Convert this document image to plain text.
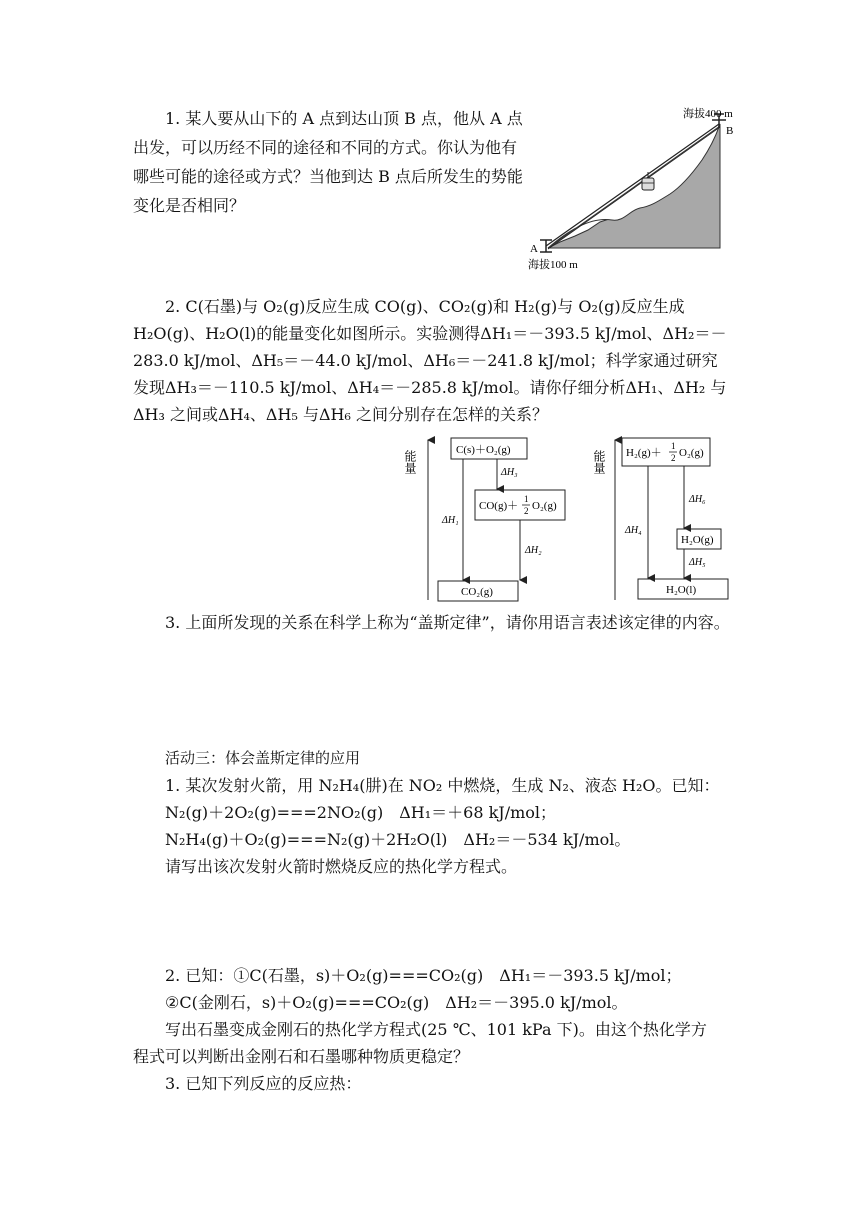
1. 某人要从山下的 A 点到达山顶 B 点，他从 A 点出发，可以历经不同的途径和不同的方式。你认为他有哪些可能的途径或方式？当他到达 B 点后所发生的势能变化是否相同？
海拔400 m
B
A
海拔100 m
2. C(石墨)与 O₂(g)反应生成 CO(g)、CO₂(g)和 H₂(g)与 O₂(g)反应生成 H₂O(g)、H₂O(l)的能量变化如图所示。实验测得ΔH₁＝－393.5 kJ/mol、ΔH₂＝－283.0 kJ/mol、ΔH₅＝－44.0 kJ/mol、ΔH₆＝－241.8 kJ/mol；科学家通过研究发现ΔH₃＝－110.5 kJ/mol、ΔH₄＝－285.8 kJ/mol。请你仔细分析ΔH₁、ΔH₂ 与ΔH₃ 之间或ΔH₄、ΔH₅ 与ΔH₆ 之间分别存在怎样的关系？
能量	C(s)＋O₂(g)
CO(g)＋
1
2 O₂(g)
CO₂(g)
ΔH₁
ΔH₃
ΔH₂
能量 H₂(g)＋
1
2 O₂(g)
H₂O(g)
H₂O(l)
ΔH₄
ΔH₆
ΔH₅
3. 上面所发现的关系在科学上称为“盖斯定律”，请你用语言表述该定律的内容。
活动三：体会盖斯定律的应用
1. 某次发射火箭，用 N₂H₄(肼)在 NO₂ 中燃烧，生成 N₂、液态 H₂O。已知：
N₂(g)＋2O₂(g)===2NO₂(g)　ΔH₁＝＋68 kJ/mol；
N₂H₄(g)＋O₂(g)===N₂(g)＋2H₂O(l)　ΔH₂＝－534 kJ/mol。
请写出该次发射火箭时燃烧反应的热化学方程式。
2. 已知：①C(石墨，s)＋O₂(g)===CO₂(g)　ΔH₁＝－393.5 kJ/mol；
②C(金刚石，s)＋O₂(g)===CO₂(g)　ΔH₂＝－395.0 kJ/mol。
写出石墨变成金刚石的热化学方程式(25 ℃、101 kPa 下)。由这个热化学方
程式可以判断出金刚石和石墨哪种物质更稳定？
3. 已知下列反应的反应热：
